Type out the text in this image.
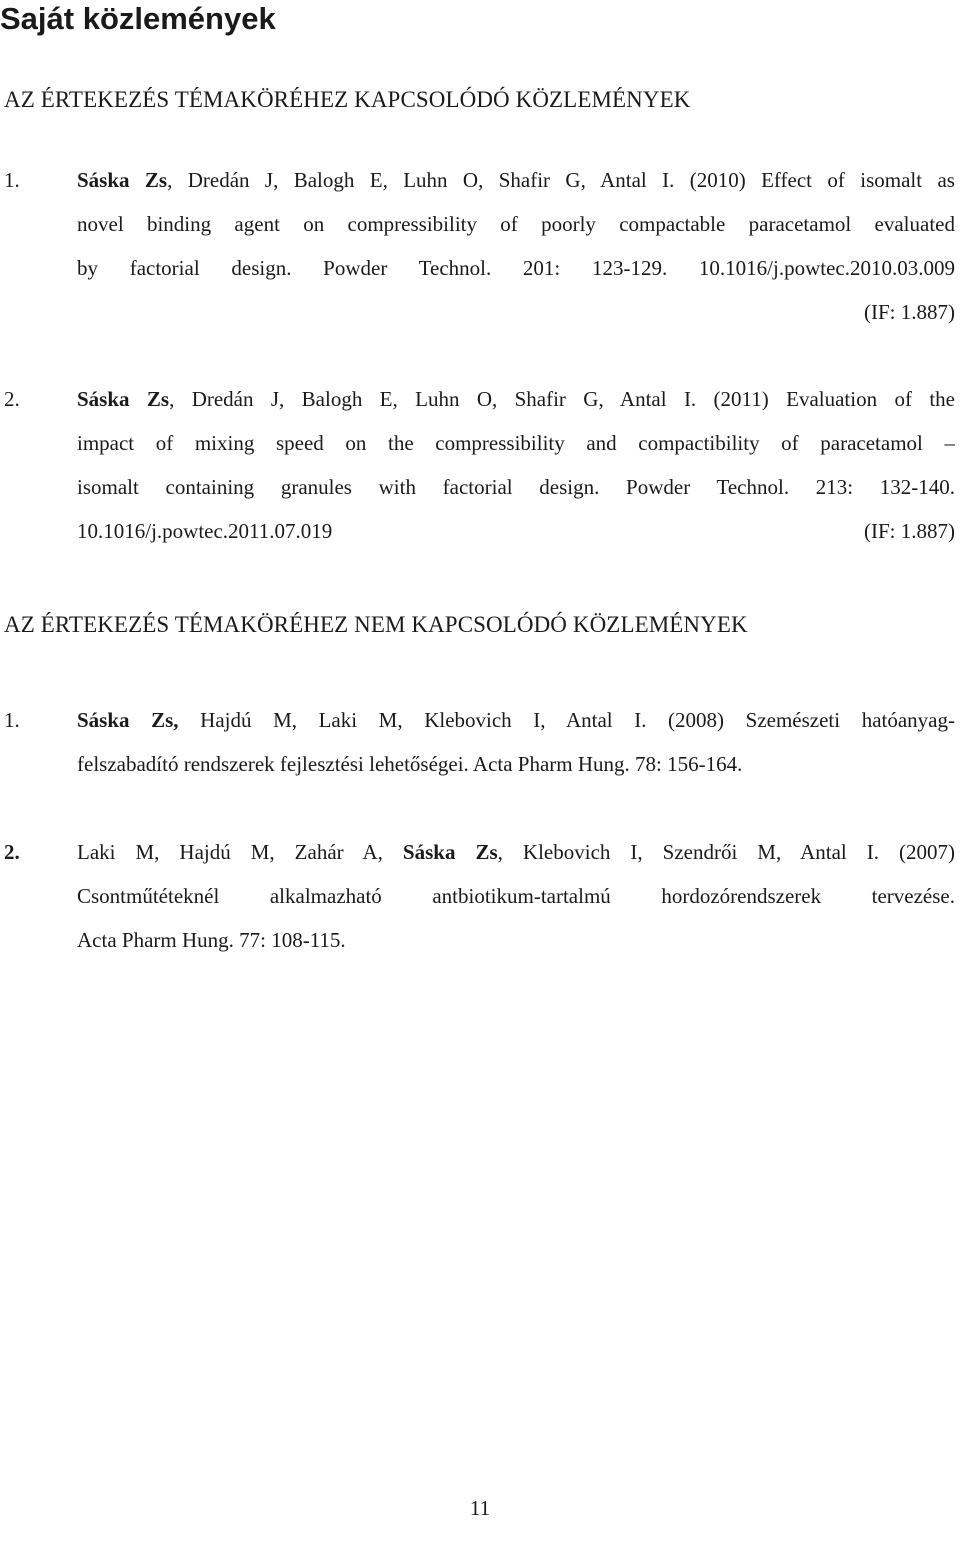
Saját közlemények
AZ ÉRTEKEZÉS TÉMAKÖRÉHEZ KAPCSOLÓDÓ KÖZLEMÉNYEK
1.	Sáska Zs, Dredán J, Balogh E, Luhn O, Shafir G, Antal I. (2010) Effect of isomalt as
novel binding agent on compressibility of poorly compactable paracetamol evaluated
by factorial design. Powder Technol. 201: 123-129. 10.1016/j.powtec.2010.03.009
(IF: 1.887)
2.	Sáska Zs, Dredán J, Balogh E, Luhn O, Shafir G, Antal I. (2011) Evaluation of the
impact of mixing speed on the compressibility and compactibility of paracetamol –
isomalt containing granules with factorial design. Powder Technol. 213: 132-140.
10.1016/j.powtec.2011.07.019	(IF: 1.887)
AZ ÉRTEKEZÉS TÉMAKÖRÉHEZ NEM KAPCSOLÓDÓ KÖZLEMÉNYEK
1.	Sáska Zs, Hajdú M, Laki M, Klebovich I, Antal I. (2008) Szemészeti hatóanyag-
felszabadító rendszerek fejlesztési lehetőségei. Acta Pharm Hung. 78: 156-164.
2.	Laki M, Hajdú M, Zahár A, Sáska Zs, Klebovich I, Szendrői M, Antal I. (2007)
Csontműtéteknél alkalmazható antbiotikum-tartalmú hordozórendszerek tervezése.
Acta Pharm Hung. 77: 108-115.
11
